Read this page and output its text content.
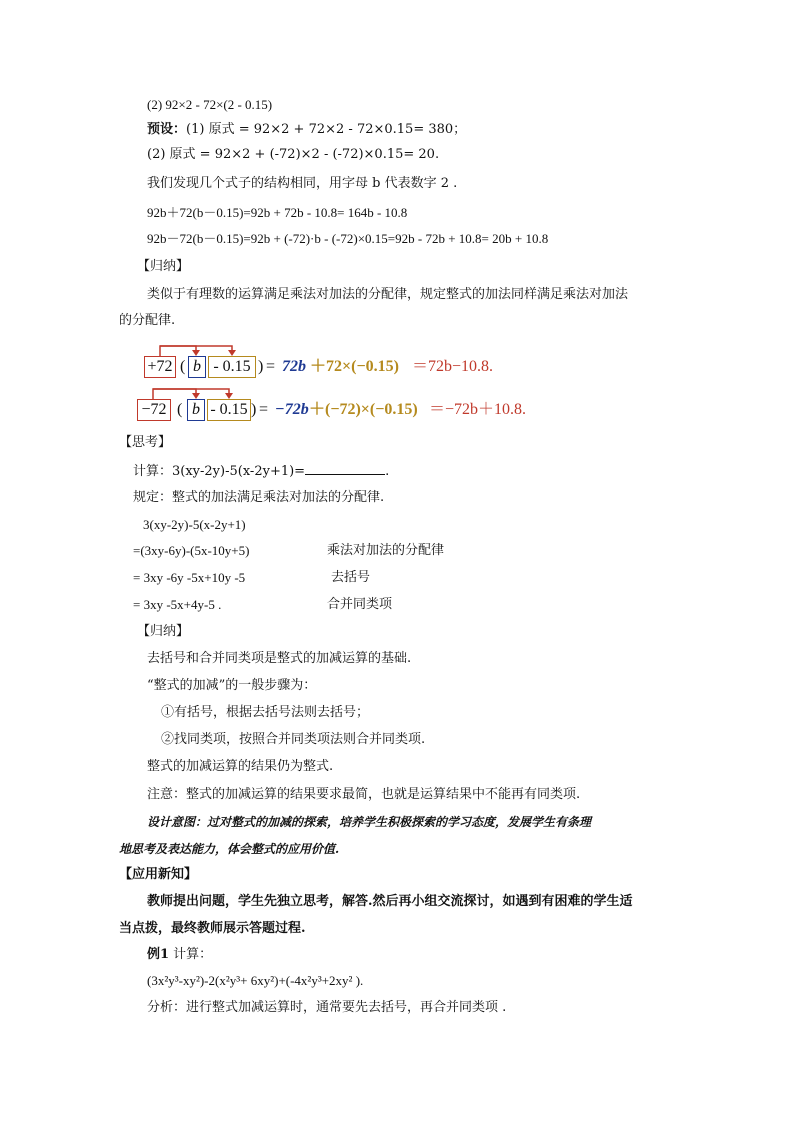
(2) 92×2 - 72×(2 - 0.15)
预设：(1) 原式 = 92×2 + 72×2 - 72×0.15= 380；
(2) 原式 = 92×2 + (-72)×2 - (-72)×0.15= 20.
我们发现几个式子的结构相同，用字母 b 代表数字 2 .
92b＋72(b－0.15)=92b + 72b - 10.8= 164b - 10.8
92b－72(b－0.15)=92b + (-72)·b - (-72)×0.15=92b - 72b + 10.8= 20b + 10.8
【归纳】
类似于有理数的运算满足乘法对加法的分配律，规定整式的加法同样满足乘法对加法
的分配律.
+72 ( b - 0.15 ) = 72b ＋72×(−0.15) ＝ 72b−10.8.
−72 ( b - 0.15 ) = −72b ＋(−72)×(−0.15) ＝ −72b＋10.8.
【思考】
计算：3(xy-2y)-5(x-2y+1)=	.
规定：整式的加法满足乘法对加法的分配律.
3(xy-2y)-5(x-2y+1)
=(3xy-6y)-(5x-10y+5)	乘法对加法的分配律
= 3xy -6y -5x+10y -5	去括号
= 3xy -5x+4y-5 .	合并同类项
【归纳】
去括号和合并同类项是整式的加减运算的基础.
“整式的加减”的一般步骤为：
①有括号，根据去括号法则去括号；
②找同类项，按照合并同类项法则合并同类项.
整式的加减运算的结果仍为整式.
注意：整式的加减运算的结果要求最简，也就是运算结果中不能再有同类项.
设计意图：过对整式的加减的探索，培养学生积极探索的学习态度，发展学生有条理
地思考及表达能力，体会整式的应用价值.
【应用新知】
教师提出问题，学生先独立思考，解答.然后再小组交流探讨，如遇到有困难的学生适
当点拨，最终教师展示答题过程.
例1 计算：
(3x²y³-xy²)-2(x²y³+ 6xy²)+(-4x²y³+2xy² ).
分析：进行整式加减运算时，通常要先去括号，再合并同类项 .
